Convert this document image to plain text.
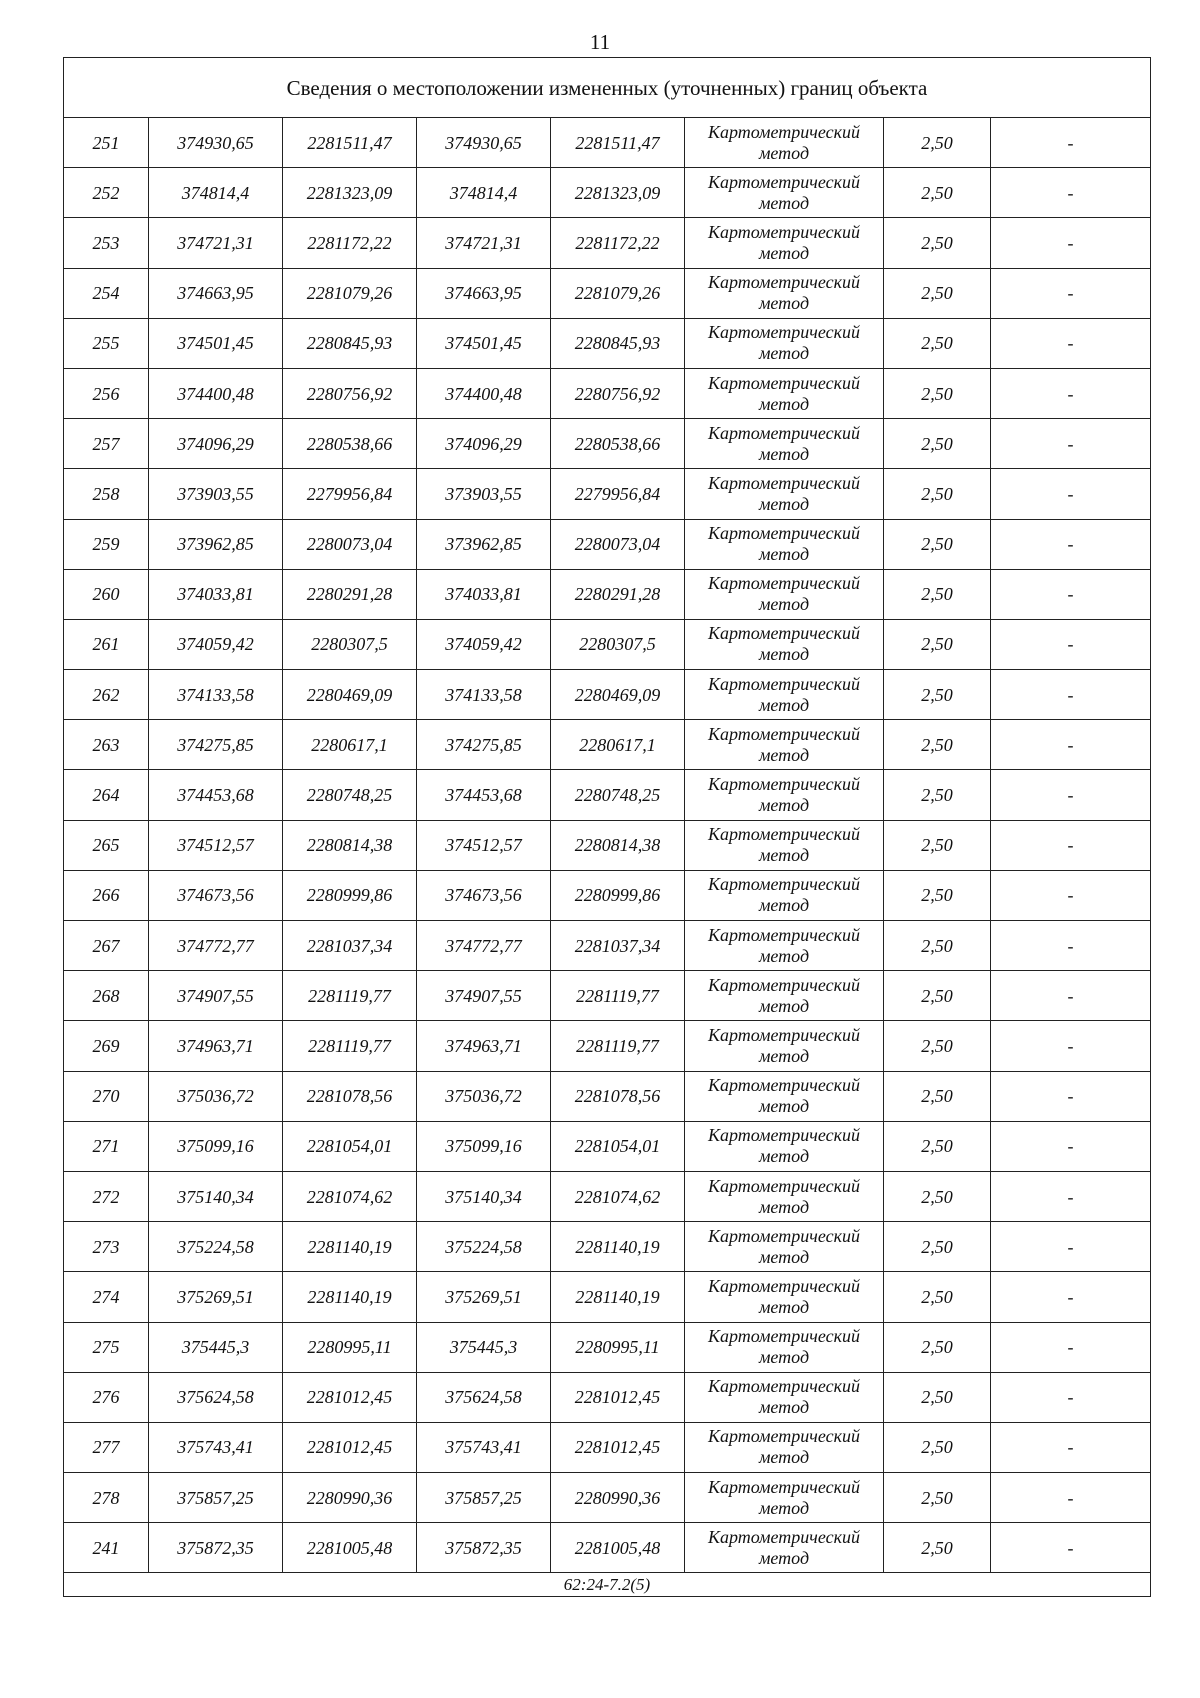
11
Сведения о местоположении измененных (уточненных) границ объекта							
251	374930,65	2281511,47	374930,65	2281511,47	Картометрический метод	2,50	-
252	374814,4	2281323,09	374814,4	2281323,09	Картометрический метод	2,50	-
253	374721,31	2281172,22	374721,31	2281172,22	Картометрический метод	2,50	-
254	374663,95	2281079,26	374663,95	2281079,26	Картометрический метод	2,50	-
255	374501,45	2280845,93	374501,45	2280845,93	Картометрический метод	2,50	-
256	374400,48	2280756,92	374400,48	2280756,92	Картометрический метод	2,50	-
257	374096,29	2280538,66	374096,29	2280538,66	Картометрический метод	2,50	-
258	373903,55	2279956,84	373903,55	2279956,84	Картометрический метод	2,50	-
259	373962,85	2280073,04	373962,85	2280073,04	Картометрический метод	2,50	-
260	374033,81	2280291,28	374033,81	2280291,28	Картометрический метод	2,50	-
261	374059,42	2280307,5	374059,42	2280307,5	Картометрический метод	2,50	-
262	374133,58	2280469,09	374133,58	2280469,09	Картометрический метод	2,50	-
263	374275,85	2280617,1	374275,85	2280617,1	Картометрический метод	2,50	-
264	374453,68	2280748,25	374453,68	2280748,25	Картометрический метод	2,50	-
265	374512,57	2280814,38	374512,57	2280814,38	Картометрический метод	2,50	-
266	374673,56	2280999,86	374673,56	2280999,86	Картометрический метод	2,50	-
267	374772,77	2281037,34	374772,77	2281037,34	Картометрический метод	2,50	-
268	374907,55	2281119,77	374907,55	2281119,77	Картометрический метод	2,50	-
269	374963,71	2281119,77	374963,71	2281119,77	Картометрический метод	2,50	-
270	375036,72	2281078,56	375036,72	2281078,56	Картометрический метод	2,50	-
271	375099,16	2281054,01	375099,16	2281054,01	Картометрический метод	2,50	-
272	375140,34	2281074,62	375140,34	2281074,62	Картометрический метод	2,50	-
273	375224,58	2281140,19	375224,58	2281140,19	Картометрический метод	2,50	-
274	375269,51	2281140,19	375269,51	2281140,19	Картометрический метод	2,50	-
275	375445,3	2280995,11	375445,3	2280995,11	Картометрический метод	2,50	-
276	375624,58	2281012,45	375624,58	2281012,45	Картометрический метод	2,50	-
277	375743,41	2281012,45	375743,41	2281012,45	Картометрический метод	2,50	-
278	375857,25	2280990,36	375857,25	2280990,36	Картометрический метод	2,50	-
241	375872,35	2281005,48	375872,35	2281005,48	Картометрический метод	2,50	-
62:24-7.2(5)							
